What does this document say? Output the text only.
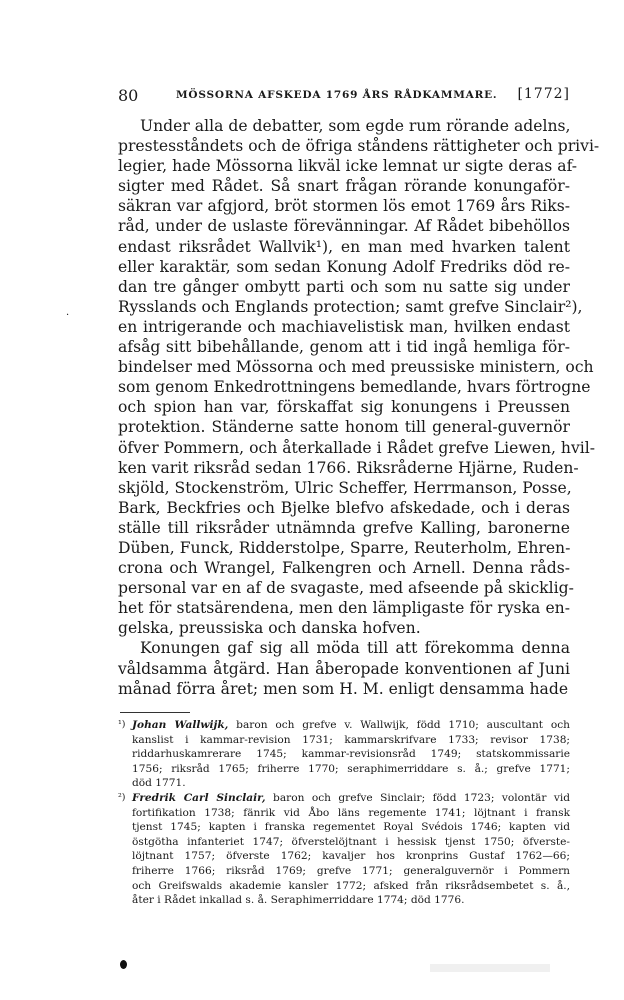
80	MÖSSORNA AFSKEDA 1769 ÅRS RÅDKAMMARE. [1772]
·
Under alla de debatter, som egde rum rörande adelns,
prestesståndets och de öfriga ståndens rättigheter och privi-
legier, hade Mössorna likväl icke lemnat ur sigte deras af-
sigter med Rådet. Så snart frågan rörande konungaför-
säkran var afgjord, bröt stormen lös emot 1769 års Riks-
råd, under de uslaste förevänningar. Af Rådet bibehöllos
endast riksrådet Wallvik¹), en man med hvarken talent
eller karaktär, som sedan Konung Adolf Fredriks död re-
dan tre gånger ombytt parti och som nu satte sig under
Rysslands och Englands protection; samt grefve Sinclair²),
en intrigerande och machiavelistisk man, hvilken endast
afsåg sitt bibehållande, genom att i tid ingå hemliga för-
bindelser med Mössorna och med preussiske ministern, och
som genom Enkedrottningens bemedlande, hvars förtrogne
och spion han var, förskaffat sig konungens i Preussen
protektion. Ständerne satte honom till general-guvernör
öfver Pommern, och återkallade i Rådet grefve Liewen, hvil-
ken varit riksråd sedan 1766. Riksråderne Hjärne, Ruden-
skjöld, Stockenström, Ulric Scheffer, Herrmanson, Posse,
Bark, Beckfries och Bjelke blefvo afskedade, och i deras
ställe till riksråder utnämnda grefve Kalling, baronerne
Düben, Funck, Ridderstolpe, Sparre, Reuterholm, Ehren-
crona och Wrangel, Falkengren och Arnell. Denna råds-
personal var en af de svagaste, med afseende på skicklig-
het för statsärendena, men den lämpligaste för ryska en-
gelska, preussiska och danska hofven.
Konungen gaf sig all möda till att förekomma denna
våldsamma åtgärd. Han åberopade konventionen af Juni
månad förra året; men som H. M. enligt densamma hade
¹) Johan Wallwijk, baron och grefve v. Wallwijk, född 1710; auscultant och
kanslist i kammar-revision 1731; kammarskrifvare 1733; revisor 1738;
riddarhuskamrerare 1745; kammar-revisionsråd 1749; statskommissarie
1756; riksråd 1765; friherre 1770; seraphimerriddare s. å.; grefve 1771;
död 1771.
²) Fredrik Carl Sinclair, baron och grefve Sinclair; född 1723; volontär vid
fortifikation 1738; fänrik vid Åbo läns regemente 1741; löjtnant i fransk
tjenst 1745; kapten i franska regementet Royal Svédois 1746; kapten vid
östgötha infanteriet 1747; öfverstelöjtnant i hessisk tjenst 1750; öfverste-
löjtnant 1757; öfverste 1762; kavaljer hos kronprins Gustaf 1762—66;
friherre 1766; riksråd 1769; grefve 1771; generalguvernör i Pommern
och Greifswalds akademie kansler 1772; afsked från riksrådsembetet s. å.,
åter i Rådet inkallad s. å. Seraphimerriddare 1774; död 1776.
